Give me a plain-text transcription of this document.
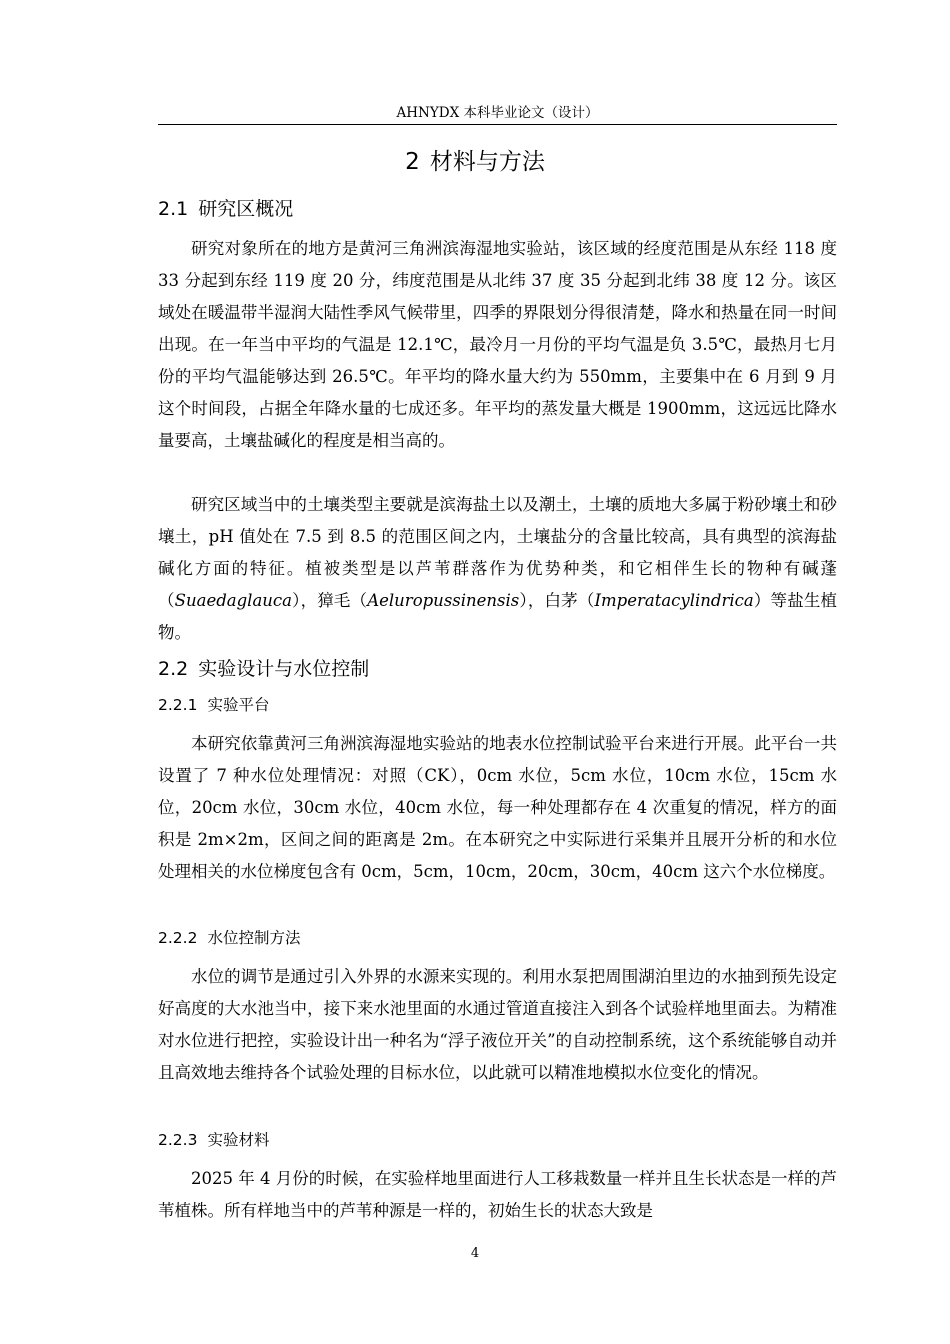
AHNYDX 本科毕业论文（设计）
2 材料与方法
2.1 研究区概况

研究对象所在的地方是黄河三角洲滨海湿地实验站，该区域的经度范围是从东经 118 度 33 分起到东经 119 度 20 分，纬度范围是从北纬 37 度 35 分起到北纬 38 度 12 分。该区域处在暖温带半湿润大陆性季风气候带里，四季的界限划分得很清楚，降水和热量在同一时间出现。在一年当中平均的气温是 12.1℃，最冷月一月份的平均气温是负 3.5℃，最热月七月份的平均气温能够达到 26.5℃。年平均的降水量大约为 550mm，主要集中在 6 月到 9 月这个时间段，占据全年降水量的七成还多。年平均的蒸发量大概是 1900mm，这远远比降水量要高，土壤盐碱化的程度是相当高的。

研究区域当中的土壤类型主要就是滨海盐土以及潮土，土壤的质地大多属于粉砂壤土和砂壤土，pH 值处在 7.5 到 8.5 的范围区间之内，土壤盐分的含量比较高，具有典型的滨海盐碱化方面的特征。植被类型是以芦苇群落作为优势种类，和它相伴生长的物种有碱蓬（Suaedaglauca），獐毛（Aeluropussinensis），白茅（Imperatacylindrica）等盐生植物。

2.2 实验设计与水位控制
2.2.1 实验平台

本研究依靠黄河三角洲滨海湿地实验站的地表水位控制试验平台来进行开展。此平台一共设置了 7 种水位处理情况：对照（CK），0cm 水位，5cm 水位，10cm 水位，15cm 水位，20cm 水位，30cm 水位，40cm 水位，每一种处理都存在 4 次重复的情况，样方的面积是 2m×2m，区间之间的距离是 2m。在本研究之中实际进行采集并且展开分析的和水位处理相关的水位梯度包含有 0cm，5cm，10cm，20cm，30cm，40cm 这六个水位梯度。

2.2.2 水位控制方法

水位的调节是通过引入外界的水源来实现的。利用水泵把周围湖泊里边的水抽到预先设定好高度的大水池当中，接下来水池里面的水通过管道直接注入到各个试验样地里面去。为精准对水位进行把控，实验设计出一种名为“浮子液位开关”的自动控制系统，这个系统能够自动并且高效地去维持各个试验处理的目标水位，以此就可以精准地模拟水位变化的情况。

2.2.3 实验材料

2025 年 4 月份的时候，在实验样地里面进行人工移栽数量一样并且生长状态是一样的芦苇植株。所有样地当中的芦苇种源是一样的，初始生长的状态大致是

4
